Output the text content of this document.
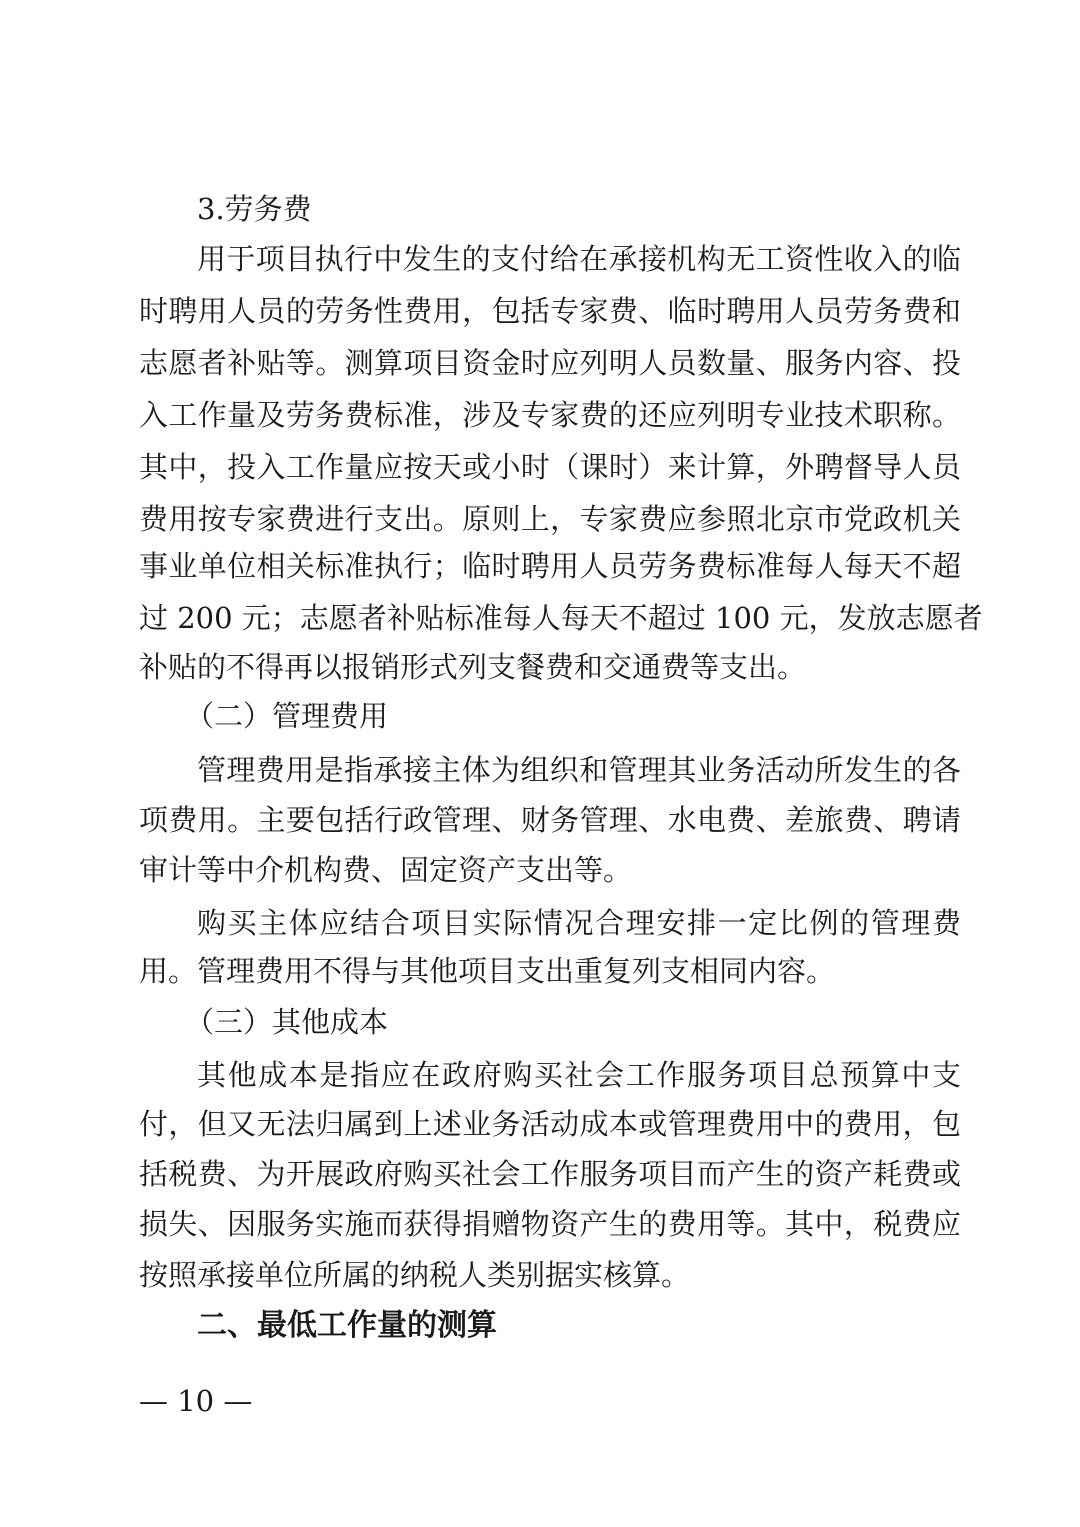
3.劳务费
用于项目执行中发生的支付给在承接机构无工资性收入的临
时聘用人员的劳务性费用，包括专家费、临时聘用人员劳务费和
志愿者补贴等。测算项目资金时应列明人员数量、服务内容、投
入工作量及劳务费标准，涉及专家费的还应列明专业技术职称。
其中，投入工作量应按天或小时（课时）来计算，外聘督导人员
费用按专家费进行支出。原则上，专家费应参照北京市党政机关
事业单位相关标准执行；临时聘用人员劳务费标准每人每天不超
过 200 元；志愿者补贴标准每人每天不超过 100 元，发放志愿者
补贴的不得再以报销形式列支餐费和交通费等支出。
（二）管理费用
管理费用是指承接主体为组织和管理其业务活动所发生的各
项费用。主要包括行政管理、财务管理、水电费、差旅费、聘请
审计等中介机构费、固定资产支出等。
购买主体应结合项目实际情况合理安排一定比例的管理费
用。管理费用不得与其他项目支出重复列支相同内容。
（三）其他成本
其他成本是指应在政府购买社会工作服务项目总预算中支
付，但又无法归属到上述业务活动成本或管理费用中的费用，包
括税费、为开展政府购买社会工作服务项目而产生的资产耗费或
损失、因服务实施而获得捐赠物资产生的费用等。其中，税费应
按照承接单位所属的纳税人类别据实核算。
二、最低工作量的测算
— 10 —
